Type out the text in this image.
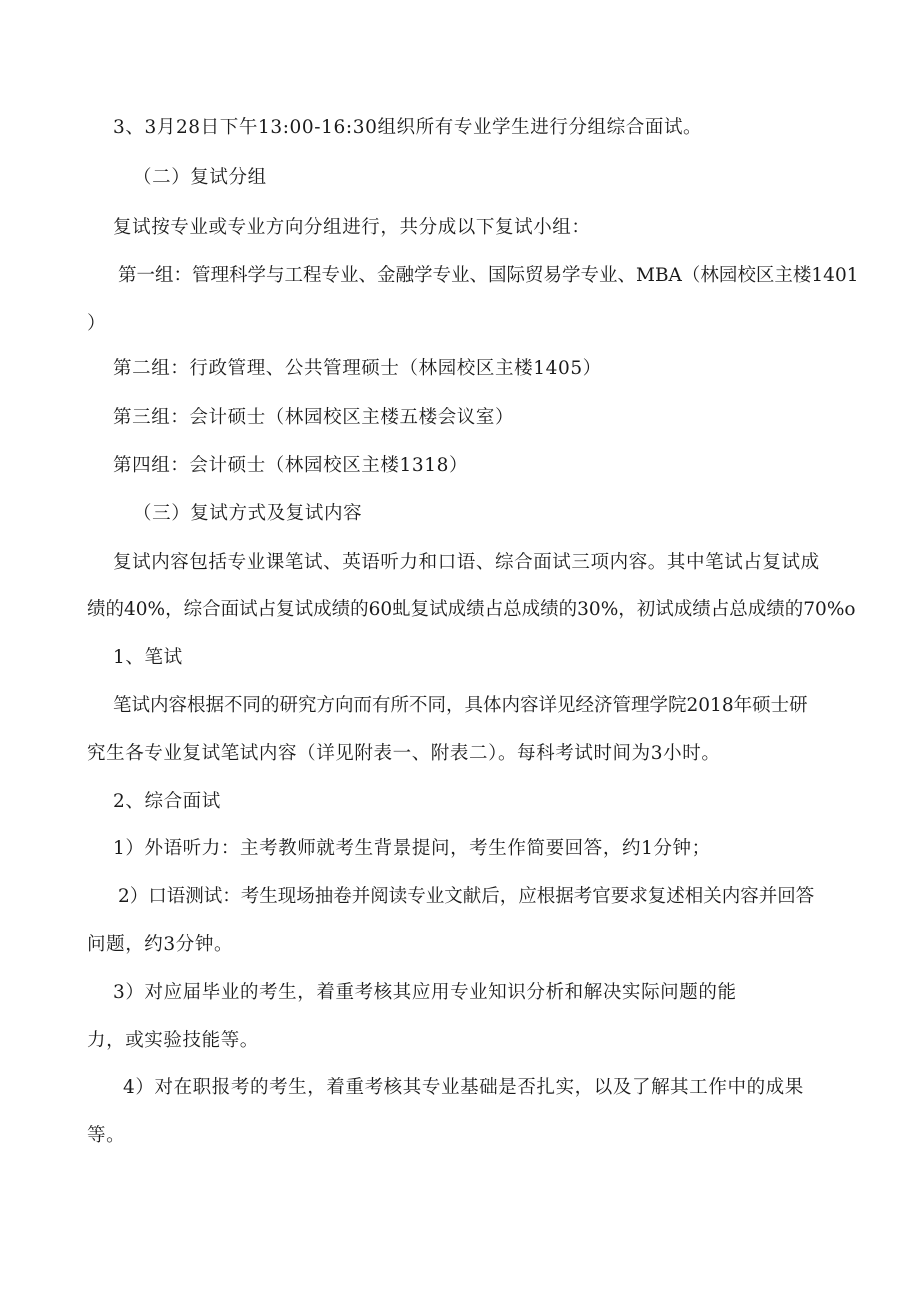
3、3月28日下午13:00-16:30组织所有专业学生进行分组综合面试。
（二）复试分组
复试按专业或专业方向分组进行，共分成以下复试小组：
第一组：管理科学与工程专业、金融学专业、国际贸易学专业、MBA（林园校区主楼1401
）
第二组：行政管理、公共管理硕士（林园校区主楼1405）
第三组：会计硕士（林园校区主楼五楼会议室）
第四组：会计硕士（林园校区主楼1318）
（三）复试方式及复试内容
复试内容包括专业课笔试、英语听力和口语、综合面试三项内容。其中笔试占复试成
绩的40%，综合面试占复试成绩的60虬复试成绩占总成绩的30%，初试成绩占总成绩的70%o
1、笔试
笔试内容根据不同的研究方向而有所不同，具体内容详见经济管理学院2018年硕士研
究生各专业复试笔试内容（详见附表一、附表二）。每科考试时间为3小时。
2、综合面试
1）外语听力：主考教师就考生背景提问，考生作简要回答，约1分钟；
2）口语测试：考生现场抽卷并阅读专业文献后，应根据考官要求复述相关内容并回答
问题，约3分钟。
3）对应届毕业的考生，着重考核其应用专业知识分析和解决实际问题的能
力，或实验技能等。
4）对在职报考的考生，着重考核其专业基础是否扎实，以及了解其工作中的成果
等。
